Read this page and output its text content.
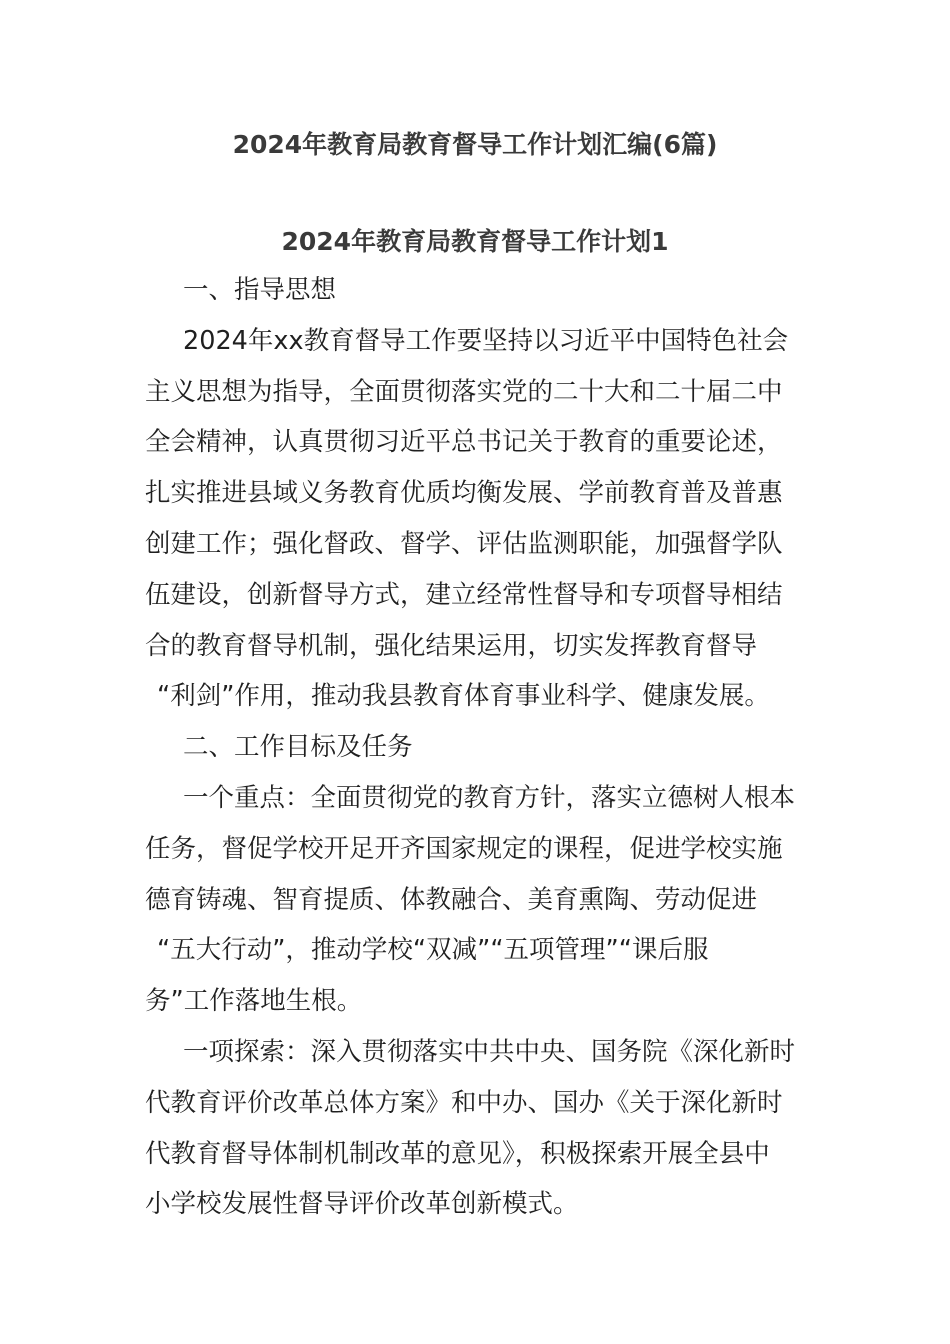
2024年教育局教育督导工作计划汇编(6篇)
2024年教育局教育督导工作计划1
一、指导思想
2024年xx教育督导工作要坚持以习近平中国特色社会
主义思想为指导，全面贯彻落实党的二十大和二十届二中
全会精神，认真贯彻习近平总书记关于教育的重要论述，
扎实推进县域义务教育优质均衡发展、学前教育普及普惠
创建工作；强化督政、督学、评估监测职能，加强督学队
伍建设，创新督导方式，建立经常性督导和专项督导相结
合的教育督导机制，强化结果运用，切实发挥教育督导
“利剑”作用，推动我县教育体育事业科学、健康发展。
二、工作目标及任务
一个重点：全面贯彻党的教育方针，落实立德树人根本
任务，督促学校开足开齐国家规定的课程，促进学校实施
德育铸魂、智育提质、体教融合、美育熏陶、劳动促进
“五大行动”，推动学校“双减”“五项管理”“课后服
务”工作落地生根。
一项探索：深入贯彻落实中共中央、国务院《深化新时
代教育评价改革总体方案》和中办、国办《关于深化新时
代教育督导体制机制改革的意见》，积极探索开展全县中
小学校发展性督导评价改革创新模式。
